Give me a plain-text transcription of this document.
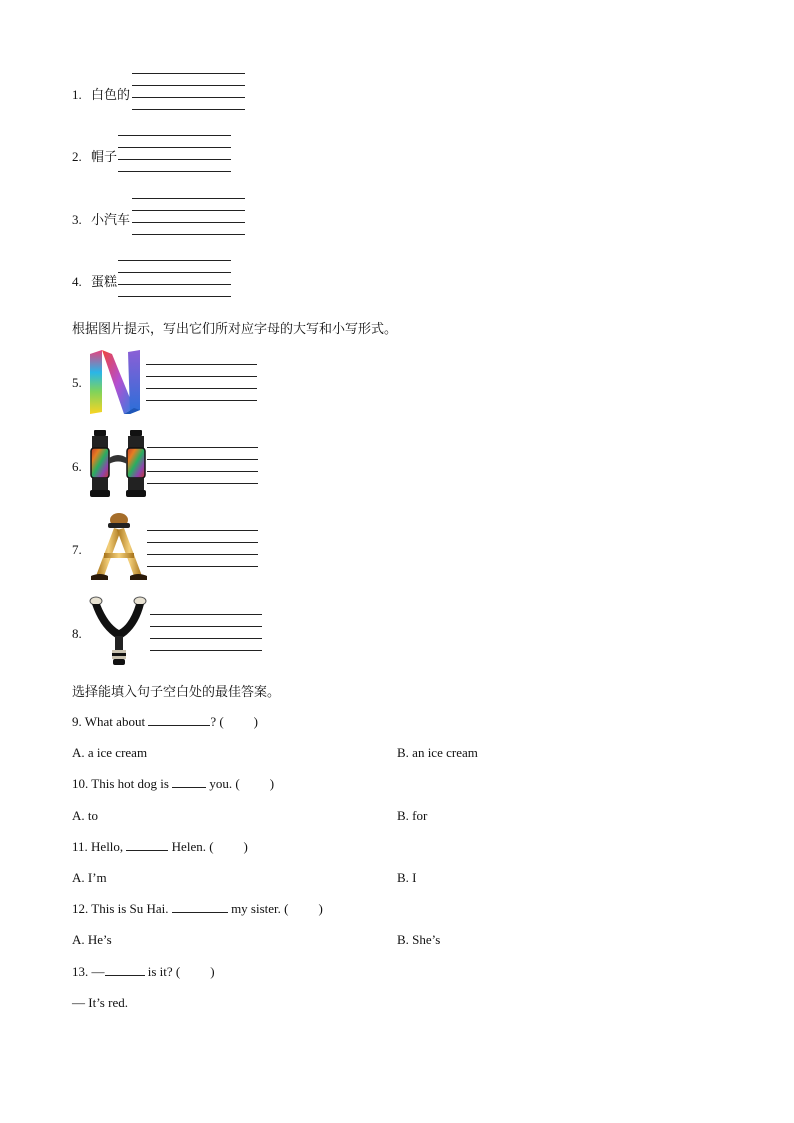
1. 白色的
2. 帽子
3. 小汽车
4. 蛋糕
根据图片提示，写出它们所对应字母的大写和小写形式。
5.
6.
7.
8.
选择能填入句子空白处的最佳答案。
9. What about	? ( )
A. a ice cream	B. an ice cream
10. This hot dog is	you. ( )
A. to	B. for
11. Hello,	Helen. ( )
A. I’m	B. I
12. This is Su Hai.	my sister. ( )
A. He’s	B. She’s
13. —	is it? ( )
— It’s red.
